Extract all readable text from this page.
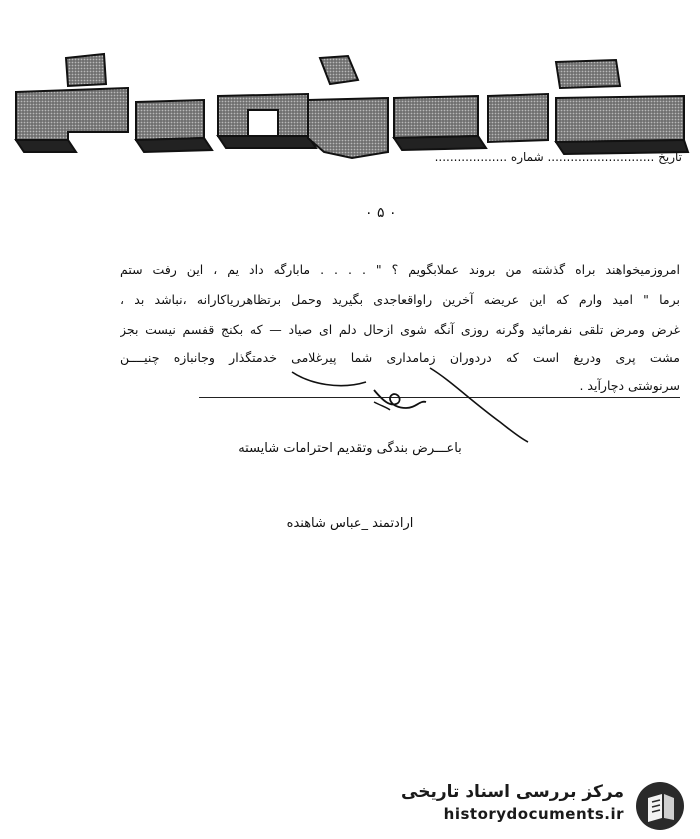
تاریخ ............................ شماره ...................
۰ ۵ ۰
امروزمیخواهند براه گذشته من بروند عملابگویم ؟ " . . . . مابارگه داد یم ، این رفت ستم
برما " امید وارم که این عریضه آخرین راواقعاجدی بگیرید وحمل برتظاهرریاکارانه ،نباشد بد ،
غرض ومرض تلقی نفرمائید وگرنه روزی آنگه شوی ازحال دلم ای صیاد — که بکنج قفسم نیست بجز
مشت پری ودریغ است که دردوران زمامداری شما پیرغلامی خدمتگذار وجانبازه چنیــــن
سرنوشتی دچارآید .
باعـــرض بندگی وتقدیم احترامات شایسته
ارادتمند _عباس شاهنده
مرکز بررسی اسناد تاریخی
historydocuments.ir
